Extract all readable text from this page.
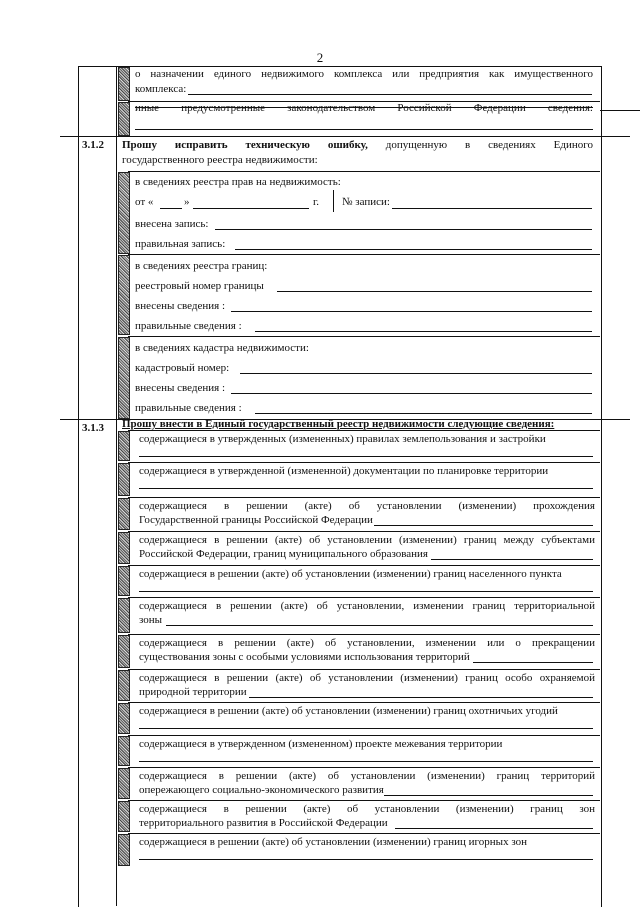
2
о назначении единого недвижимого комплекса или предприятия как имущественного
комплекса:
иные предусмотренные законодательством Российской Федерации сведения:
3.1.2 Прошу исправить техническую ошибку, допущенную в сведениях Единого
государственного реестра недвижимости:
в сведениях реестра прав на недвижимость:
от «	»	г. № записи:
внесена запись:
правильная запись:
в сведениях реестра границ:
реестровый номер границы
внесены сведения :
правильные сведения :
в сведениях кадастра недвижимости:
кадастровый номер:
внесены сведения :
правильные сведения :
3.1.3 Прошу внести в Единый государственный реестр недвижимости следующие сведения:
содержащиеся в утвержденных (измененных) правилах землепользования и застройки
содержащиеся в утвержденной (измененной) документации по планировке территории
содержащиеся в решении (акте) об установлении (изменении) прохождения
Государственной границы Российской Федерации
содержащиеся в решении (акте) об установлении (изменении) границ между субъектами
Российской Федерации, границ муниципального образования
содержащиеся в решении (акте) об установлении (изменении) границ населенного пункта
содержащиеся в решении (акте) об установлении, изменении границ территориальной
зоны
содержащиеся в решении (акте) об установлении, изменении или о прекращении
существования зоны с особыми условиями использования территорий
содержащиеся в решении (акте) об установлении (изменении) границ особо охраняемой
природной территории
содержащиеся в решении (акте) об установлении (изменении) границ охотничьих угодий
содержащиеся в утвержденном (измененном) проекте межевания территории
содержащиеся в решении (акте) об установлении (изменении) границ территорий
опережающего социально-экономического развития
содержащиеся в решении (акте) об установлении (изменении) границ зон
территориального развития в Российской Федерации
содержащиеся в решении (акте) об установлении (изменении) границ игорных зон
